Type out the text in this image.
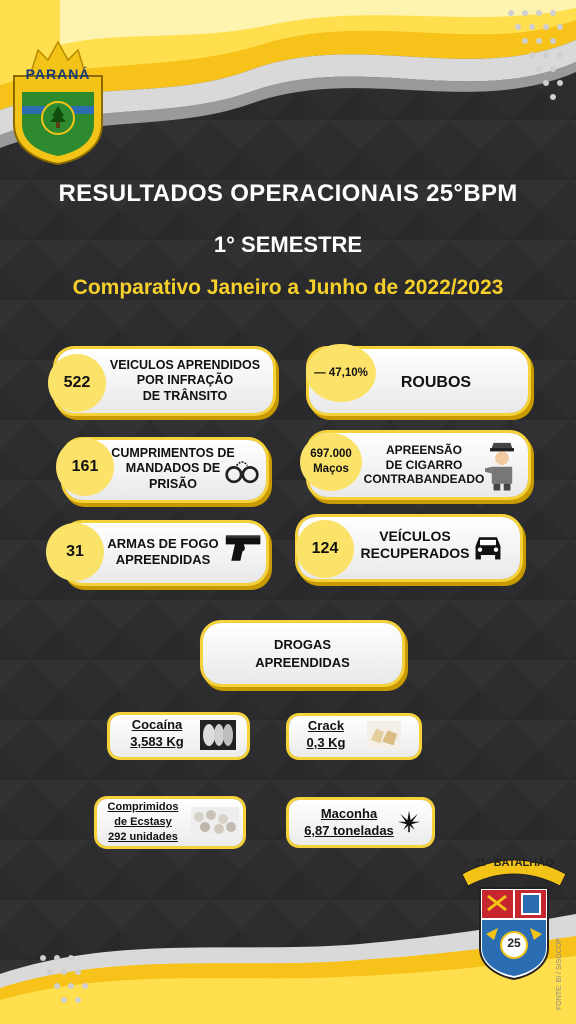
PARANÁ
RESULTADOS OPERACIONAIS 25°BPM
1° SEMESTRE
Comparativo Janeiro a Junho de 2022/2023
VEICULOS APRENDIDOS
POR INFRAÇÃO
DE TRÂNSITO
522	ROUBOS
— 47,10%
CUMPRIMENTOS DE
MANDADOS DE
PRISÃO
161
APREENSÃO
DE CIGARRO
CONTRABANDEADO
697.000
Maços
ARMAS DE FOGO
APREENDIDAS
31
VEÍCULOS
RECUPERADOS
124
DROGAS
APREENDIDAS
Cocaína
3,583 Kg
Crack
0,3 Kg
Comprimidos
de Ecstasy
292 unidades
Maconha
6,87 toneladas
25º BATALHÃO
25	FONTE: BI / SISGCOP
